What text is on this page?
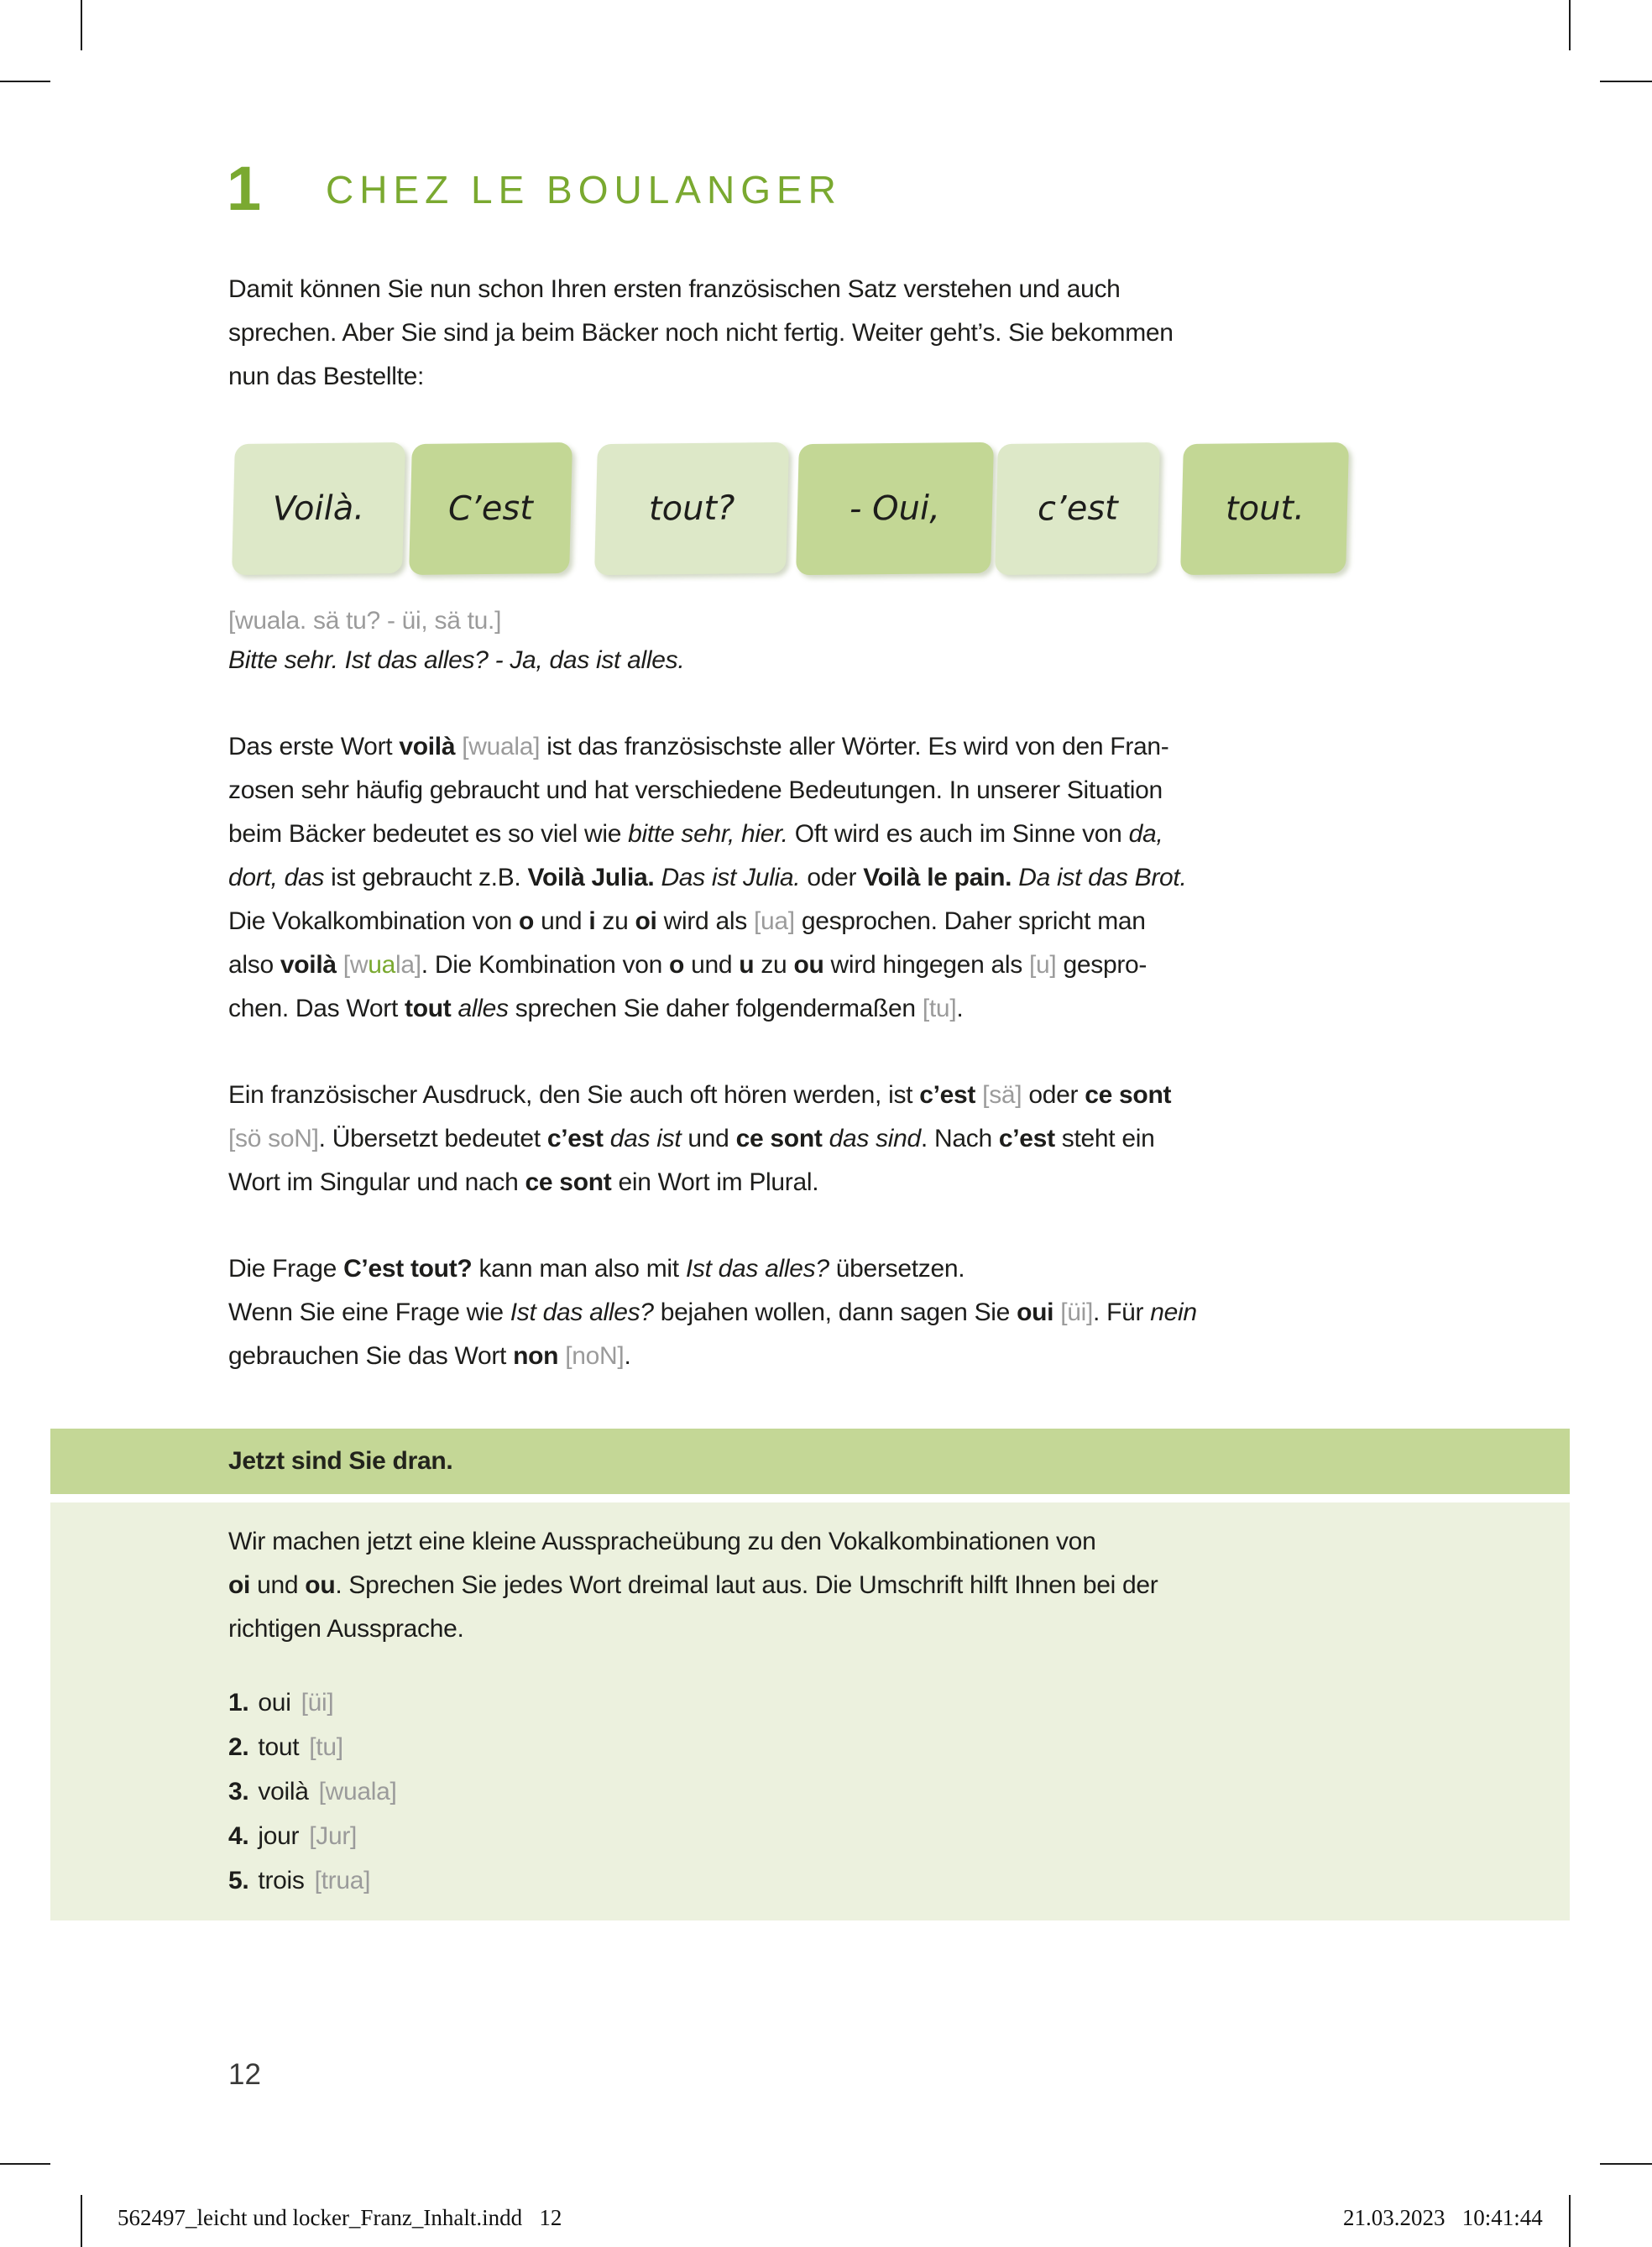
1 CHEZ LE BOULANGER
Damit können Sie nun schon Ihren ersten französischen Satz verstehen und auch
sprechen. Aber Sie sind ja beim Bäcker noch nicht fertig. Weiter geht’s. Sie bekommen
nun das Bestellte:
Voilà. C’est	tout?	- Oui,	c’est	tout.
[wuala. sä tu? - üi, sä tu.]
Bitte sehr. Ist das alles? - Ja, das ist alles.
Das erste Wort voilà [wuala] ist das französischste aller Wörter. Es wird von den Fran-
zosen sehr häufig gebraucht und hat verschiedene Bedeutungen. In unserer Situation
beim Bäcker bedeutet es so viel wie bitte sehr, hier. Oft wird es auch im Sinne von da,
dort, das ist gebraucht z.B. Voilà Julia. Das ist Julia. oder Voilà le pain. Da ist das Brot.
Die Vokalkombination von o und i zu oi wird als [ua] gesprochen. Daher spricht man
also voilà [wuala]. Die Kombination von o und u zu ou wird hingegen als [u] gespro-
chen. Das Wort tout alles sprechen Sie daher folgendermaßen [tu].
Ein französischer Ausdruck, den Sie auch oft hören werden, ist c’est [sä] oder ce sont
[sö soN]. Übersetzt bedeutet c’est das ist und ce sont das sind. Nach c’est steht ein
Wort im Singular und nach ce sont ein Wort im Plural.
Die Frage C’est tout? kann man also mit Ist das alles? übersetzen.
Wenn Sie eine Frage wie Ist das alles? bejahen wollen, dann sagen Sie oui [üi]. Für nein
gebrauchen Sie das Wort non [noN].
Jetzt sind Sie dran.
Wir machen jetzt eine kleine Ausspracheübung zu den Vokalkombinationen von
oi und ou. Sprechen Sie jedes Wort dreimal laut aus. Die Umschrift hilft Ihnen bei der
richtigen Aussprache.
1. oui [üi]
2. tout [tu]
3. voilà [wuala]
4. jour [Jur]
5. trois [trua]
12
562497_leicht und locker_Franz_Inhalt.indd   12	21.03.2023   10:41:44
